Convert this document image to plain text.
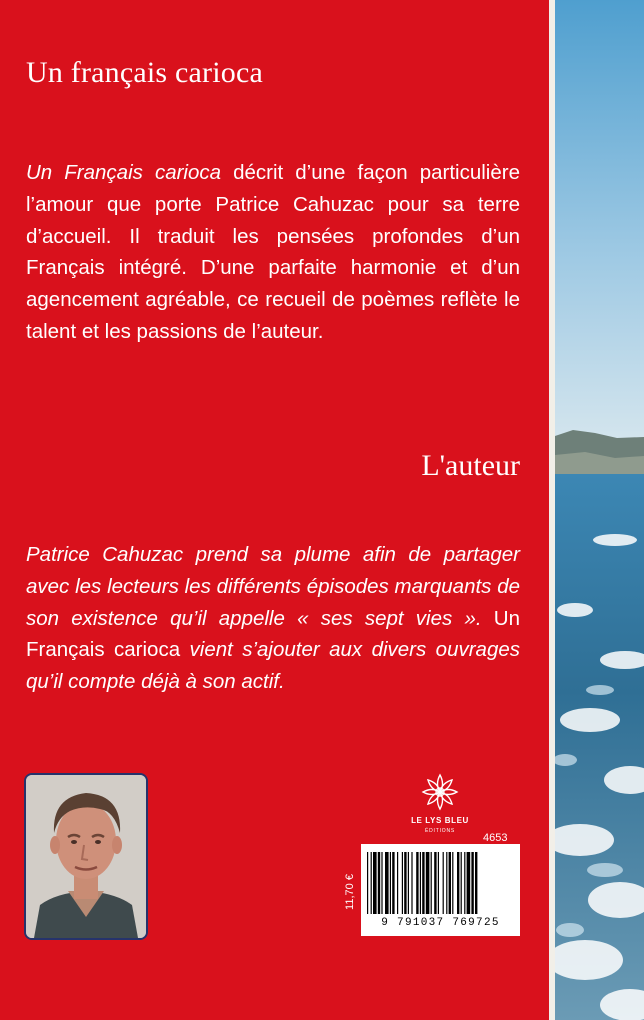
Un français carioca

Un Français carioca décrit d’une façon particulière l’amour que porte Patrice Cahuzac pour sa terre d’accueil. Il traduit les pensées profondes d’un Français intégré. D’une parfaite harmonie et d’un agencement agréable, ce recueil de poèmes reflète le talent et les passions de l’auteur.

L'auteur

Patrice Cahuzac prend sa plume afin de partager avec les lecteurs les différents épisodes marquants de son existence qu’il appelle « ses sept vies ». Un Français carioca vient s’ajouter aux divers ouvrages qu’il compte déjà à son actif.

LE LYS BLEU
ÉDITIONS
4653
11,70 €
9 791037 769725
